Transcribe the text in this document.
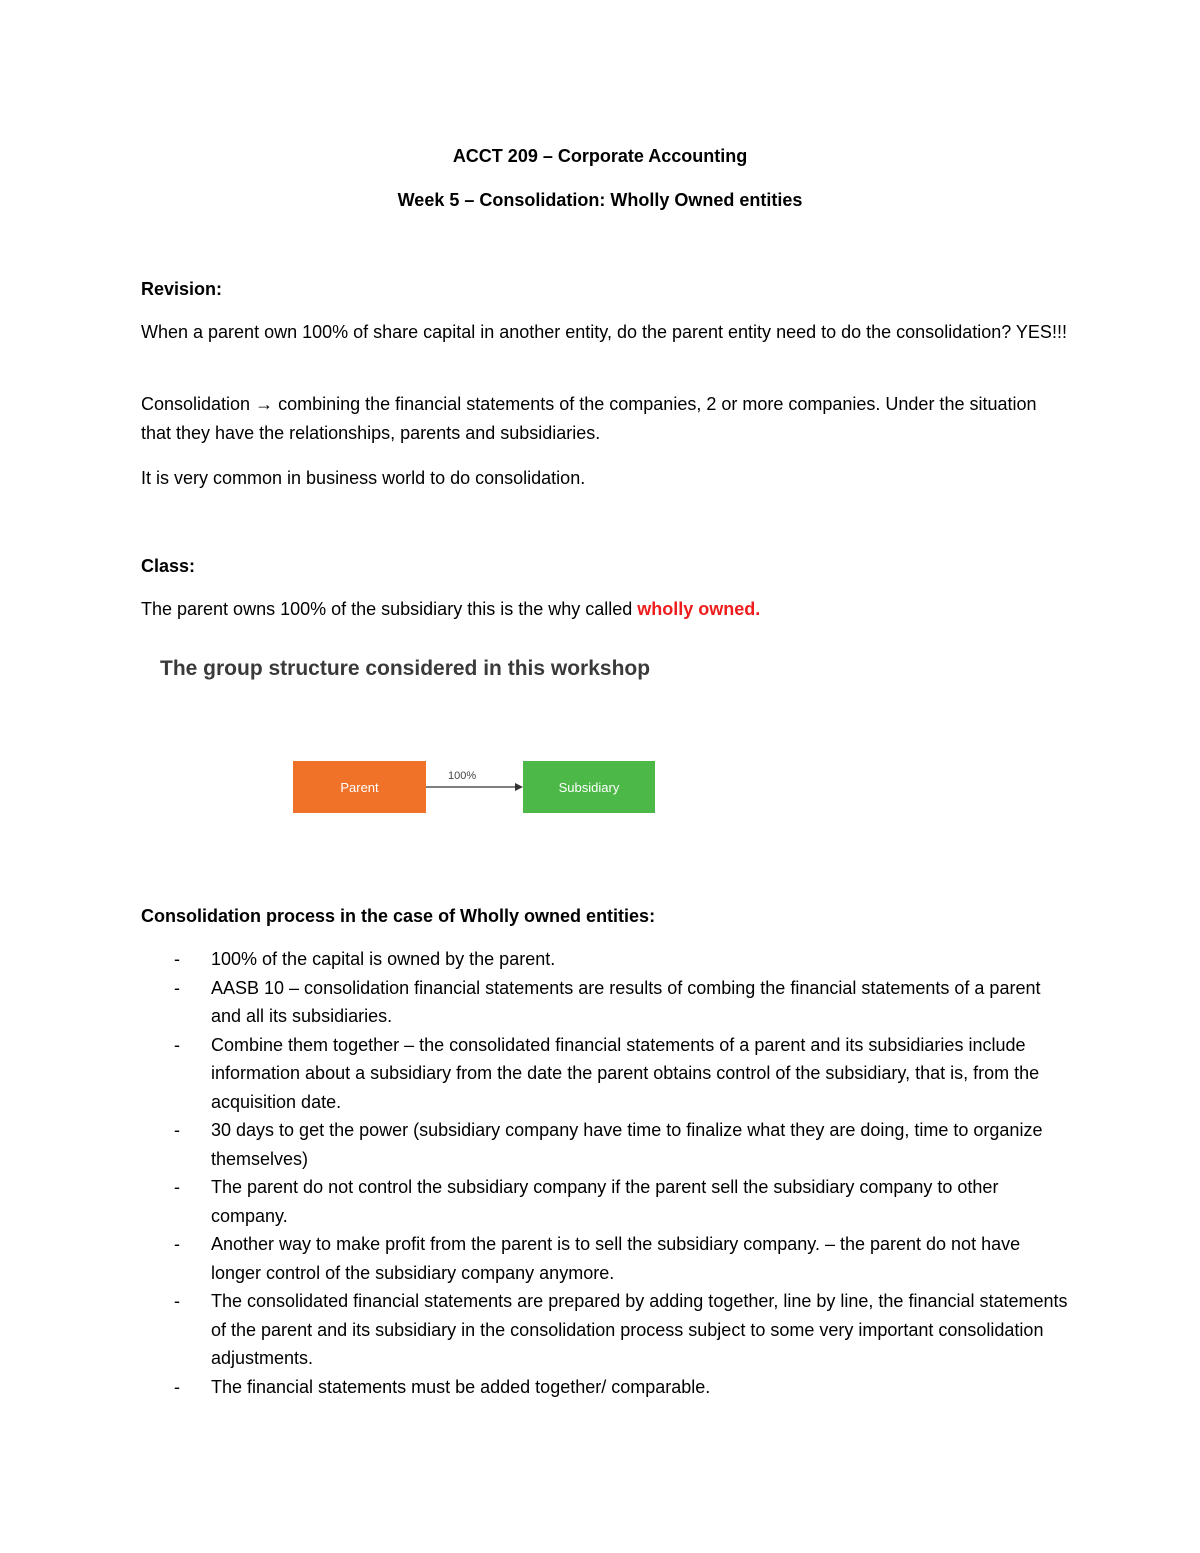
ACCT 209 – Corporate Accounting
Week 5 – Consolidation: Wholly Owned entities
Revision:
When a parent own 100% of share capital in another entity, do the parent entity need to do the consolidation? YES!!!
Consolidation → combining the financial statements of the companies, 2 or more companies. Under the situation that they have the relationships, parents and subsidiaries.
It is very common in business world to do consolidation.
Class:
The parent owns 100% of the subsidiary this is the why called wholly owned.
The group structure considered in this workshop
Parent
100%
Subsidiary
Consolidation process in the case of Wholly owned entities:
- 100% of the capital is owned by the parent.
- AASB 10 – consolidation financial statements are results of combing the financial statements of a parent and all its subsidiaries.
- Combine them together – the consolidated financial statements of a parent and its subsidiaries include information about a subsidiary from the date the parent obtains control of the subsidiary, that is, from the acquisition date.
- 30 days to get the power (subsidiary company have time to finalize what they are doing, time to organize themselves)
- The parent do not control the subsidiary company if the parent sell the subsidiary company to other company.
- Another way to make profit from the parent is to sell the subsidiary company. – the parent do not have longer control of the subsidiary company anymore.
- The consolidated financial statements are prepared by adding together, line by line, the financial statements of the parent and its subsidiary in the consolidation process subject to some very important consolidation adjustments.
- The financial statements must be added together/ comparable.
